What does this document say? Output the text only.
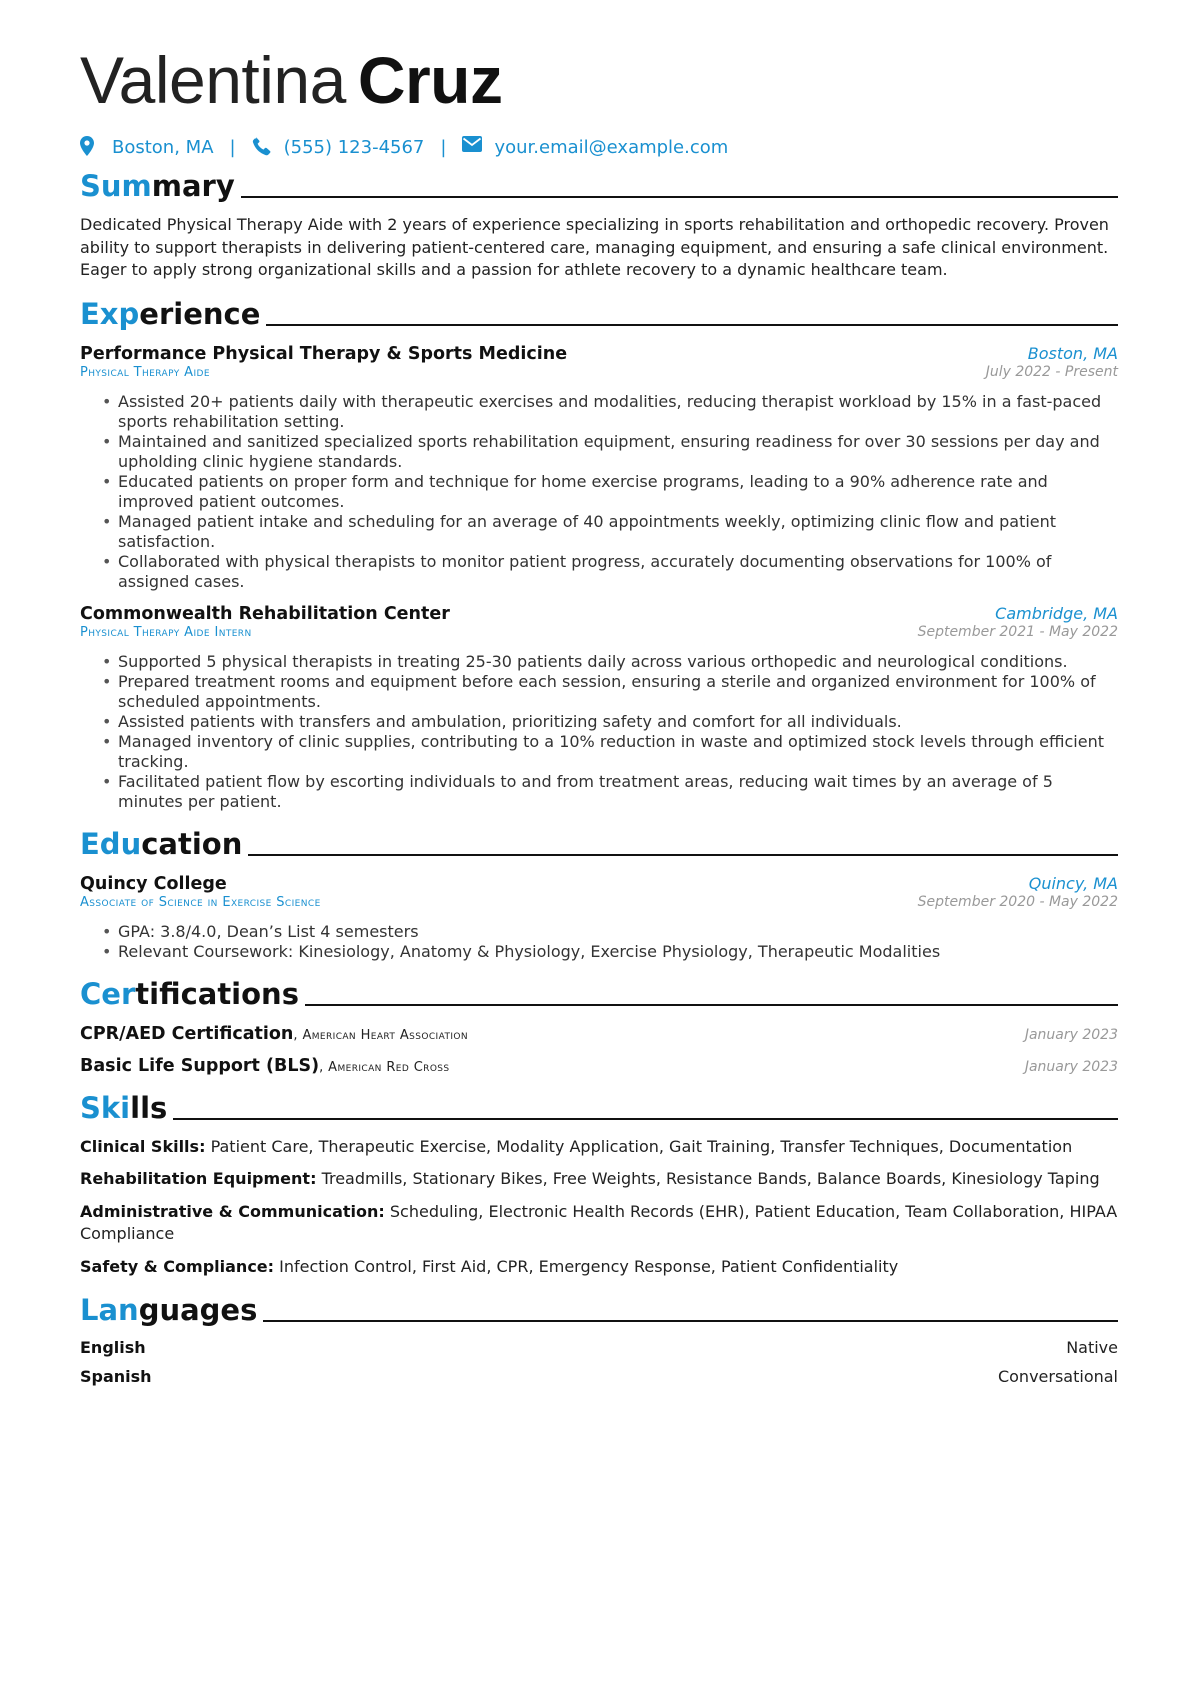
Valentina Cruz
Boston, MA |	(555) 123-4567 |	your.email@example.com
Summary

Dedicated Physical Therapy Aide with 2 years of experience specializing in sports rehabilitation and orthopedic recovery. Proven ability to support therapists in delivering patient-centered care, managing equipment, and ensuring a safe clinical environment. Eager to apply strong organizational skills and a passion for athlete recovery to a dynamic healthcare team.

Experience
Performance Physical Therapy & Sports Medicine	Boston, MA
Physical Therapy Aide	July 2022 - Present
• Assisted 20+ patients daily with therapeutic exercises and modalities, reducing therapist workload by 15% in a fast-paced sports rehabilitation setting.
• Maintained and sanitized specialized sports rehabilitation equipment, ensuring readiness for over 30 sessions per day and upholding clinic hygiene standards.
• Educated patients on proper form and technique for home exercise programs, leading to a 90% adherence rate and improved patient outcomes.
• Managed patient intake and scheduling for an average of 40 appointments weekly, optimizing clinic flow and patient satisfaction.
• Collaborated with physical therapists to monitor patient progress, accurately documenting observations for 100% of assigned cases.
Commonwealth Rehabilitation Center	Cambridge, MA
Physical Therapy Aide Intern	September 2021 - May 2022
• Supported 5 physical therapists in treating 25-30 patients daily across various orthopedic and neurological conditions.
• Prepared treatment rooms and equipment before each session, ensuring a sterile and organized environment for 100% of scheduled appointments.
• Assisted patients with transfers and ambulation, prioritizing safety and comfort for all individuals.
• Managed inventory of clinic supplies, contributing to a 10% reduction in waste and optimized stock levels through efficient tracking.
• Facilitated patient flow by escorting individuals to and from treatment areas, reducing wait times by an average of 5 minutes per patient.
Education
Quincy College	Quincy, MA
Associate of Science in Exercise Science	September 2020 - May 2022
• GPA: 3.8/4.0, Dean’s List 4 semesters
• Relevant Coursework: Kinesiology, Anatomy & Physiology, Exercise Physiology, Therapeutic Modalities
Certifications
CPR/AED Certification, American Heart Association	January 2023
Basic Life Support (BLS), American Red Cross	January 2023
Skills
Clinical Skills: Patient Care, Therapeutic Exercise, Modality Application, Gait Training, Transfer Techniques, Documentation
Rehabilitation Equipment: Treadmills, Stationary Bikes, Free Weights, Resistance Bands, Balance Boards, Kinesiology Taping
Administrative & Communication: Scheduling, Electronic Health Records (EHR), Patient Education, Team Collaboration, HIPAA Compliance
Safety & Compliance: Infection Control, First Aid, CPR, Emergency Response, Patient Confidentiality
Languages
English	Native
Spanish	Conversational
